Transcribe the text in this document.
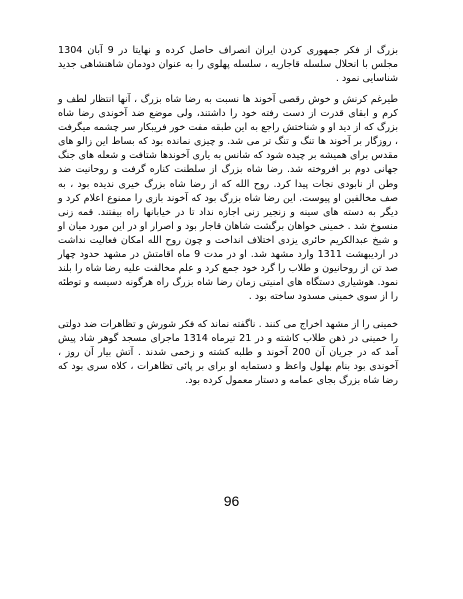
بزرگ از فکر جمهوری کردن ایران انصراف حاصل کرده و نهایتا در 9 آبان 1304 مجلس با انحلال سلسله قاجاریه ، سلسله پهلوی را به عنوان دودمان شاهنشاهی جدید شناسایی نمود .

طیرغم کرنش و خوش رقصی آخوند ها نسبت به رضا شاه بزرگ ، آنها انتظار لطف و کرم و ابقای قدرت از دست رفته خود را داشتند، ولی موضع ضد آخوندی رضا شاه بزرگ که از دید او و شناختش راجع به این طبقه مفت خور فریبکار سر چشمه میگرفت ، روزگار بر آخوند ها تنگ و تنگ تر می شد. و چیزی نمانده بود که بساط این زالو های مقدس برای همیشه بر چیده شود که شانس به یاری آخوندها شتافت و شعله های جنگ جهانی دوم بر افروخته شد. رضا شاه بزرگ از سلطنت کناره گرفت و روحانیت ضد وطن از نابودی نجات پیدا کرد. روح الله که از رضا شاه بزرگ خیری ندیده بود ، به صف مخالفین او پیوست. این رضا شاه بزرگ بود که آخوند بازی را ممنوع اعلام کرد و دیگر به دسته های سینه و زنجیر زنی اجازه نداد تا در خیابانها راه بیفتند. قمه زنی منسوخ شد . خمینی خواهان برگشت شاهان قاجار بود و اصرار او در این مورد میان او و شیخ عبدالکریم حائری یزدی اختلاف انداخت و چون روح الله امکان فعالیت نداشت در اردیبهشت 1311 وارد مشهد شد. او در مدت 9 ماه اقامتش در مشهد حدود چهار صد تن از روحانیون و طلاب را گرد خود جمع کرد و علم مخالفت علیه رضا شاه را بلند نمود. هوشیاری دستگاه های امنیتی زمان رضا شاه بزرگ راه هرگونه دسیسه و توطئه را از سوی خمینی مسدود ساخته بود .

خمینی را از مشهد اخراج می کنند . ناگفته نماند که فکر شورش و تظاهرات ضد دولتی را خمینی در ذهن طلاب کاشته و در 21 تیرماه 1314 ماجرای مسجد گوهر شاد پیش آمد که در جریان آن 200 آخوند و طلبه کشته و زخمی شدند . آتش بیار آن روز ، آخوندی بود بنام بهلول واعظ و دستمایه او برای بر پائی تظاهرات ، کلاه سری بود که رضا شاه بزرگ بجای عمامه و دستار معمول کرده بود.

96
